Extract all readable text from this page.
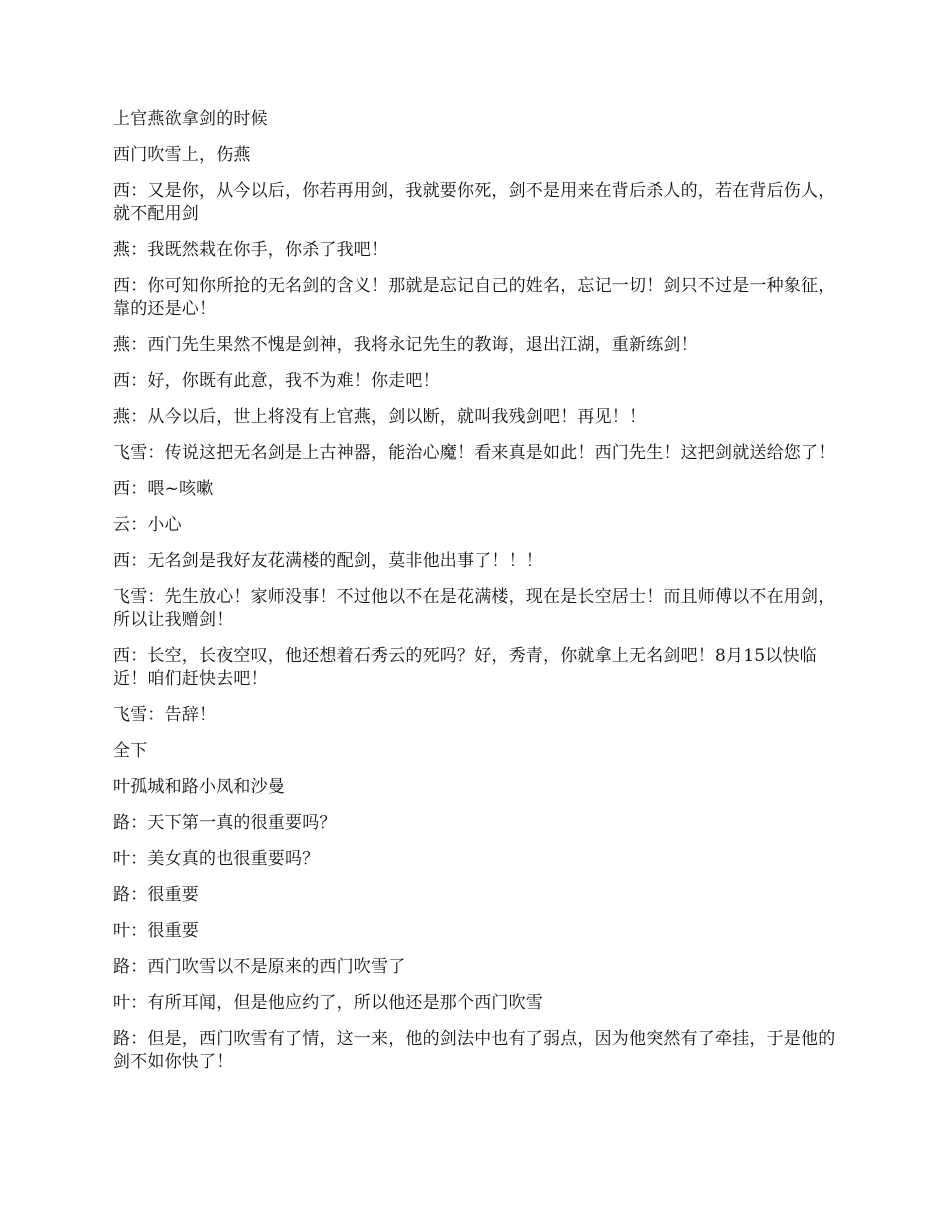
上官燕欲拿剑的时候

西门吹雪上，伤燕

西：又是你，从今以后，你若再用剑，我就要你死，剑不是用来在背后杀人的，若在背后伤人，就不配用剑

燕：我既然栽在你手，你杀了我吧！

西：你可知你所抢的无名剑的含义！那就是忘记自己的姓名，忘记一切！剑只不过是一种象征，靠的还是心！

燕：西门先生果然不愧是剑神，我将永记先生的教诲，退出江湖，重新练剑！

西：好，你既有此意，我不为难！你走吧！

燕：从今以后，世上将没有上官燕，剑以断，就叫我残剑吧！再见！！

飞雪：传说这把无名剑是上古神器，能治心魔！看来真是如此！西门先生！这把剑就送给您了！

西：喂~咳嗽

云：小心

西：无名剑是我好友花满楼的配剑，莫非他出事了！！！

飞雪：先生放心！家师没事！不过他以不在是花满楼，现在是长空居士！而且师傅以不在用剑，所以让我赠剑！

西：长空，长夜空叹，他还想着石秀云的死吗？好，秀青，你就拿上无名剑吧！8月15以快临近！咱们赶快去吧！

飞雪：告辞！

全下

叶孤城和路小凤和沙曼

路：天下第一真的很重要吗？

叶：美女真的也很重要吗？

路：很重要

叶：很重要

路：西门吹雪以不是原来的西门吹雪了

叶：有所耳闻，但是他应约了，所以他还是那个西门吹雪

路：但是，西门吹雪有了情，这一来，他的剑法中也有了弱点，因为他突然有了牵挂，于是他的剑不如你快了！
